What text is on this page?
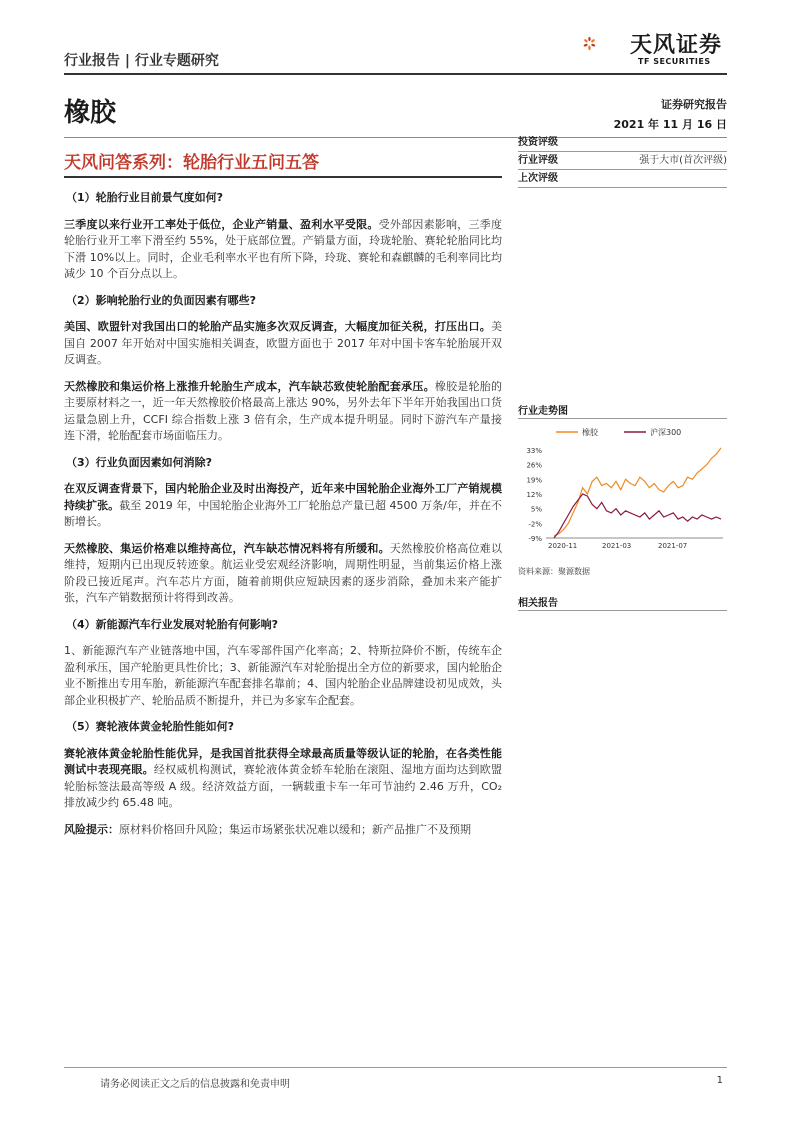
行业报告 | 行业专题研究
天风证券
TF SECURITIES
橡胶	证券研究报告
2021 年 11 月 16 日
天风问答系列：轮胎行业五问五答
（1）轮胎行业目前景气度如何?
三季度以来行业开工率处于低位，企业产销量、盈利水平受限。受外部因素影响，三季度轮胎行业开工率下滑至约 55%，处于底部位置。产销量方面，玲珑轮胎、赛轮轮胎同比均下滑 10%以上。同时，企业毛利率水平也有所下降，玲珑、赛轮和森麒麟的毛利率同比均减少 10 个百分点以上。
（2）影响轮胎行业的负面因素有哪些?
美国、欧盟针对我国出口的轮胎产品实施多次双反调查，大幅度加征关税，打压出口。美国自 2007 年开始对中国实施相关调查，欧盟方面也于 2017 年对中国卡客车轮胎展开双反调查。
天然橡胶和集运价格上涨推升轮胎生产成本，汽车缺芯致使轮胎配套承压。橡胶是轮胎的主要原材料之一，近一年天然橡胶价格最高上涨达 90%，另外去年下半年开始我国出口货运量急剧上升，CCFI 综合指数上涨 3 倍有余，生产成本提升明显。同时下游汽车产量接连下滑，轮胎配套市场面临压力。
（3）行业负面因素如何消除?
在双反调查背景下，国内轮胎企业及时出海投产，近年来中国轮胎企业海外工厂产销规模持续扩张。截至 2019 年，中国轮胎企业海外工厂轮胎总产量已超 4500 万条/年，并在不断增长。
天然橡胶、集运价格难以维持高位，汽车缺芯情况料将有所缓和。天然橡胶价格高位难以维持，短期内已出现反转迹象。航运业受宏观经济影响，周期性明显，当前集运价格上涨阶段已接近尾声。汽车芯片方面，随着前期供应短缺因素的逐步消除，叠加未来产能扩张，汽车产销数据预计将得到改善。
（4）新能源汽车行业发展对轮胎有何影响?
1、新能源汽车产业链落地中国，汽车零部件国产化率高；2、特斯拉降价不断，传统车企盈利承压，国产轮胎更具性价比；3、新能源汽车对轮胎提出全方位的新要求，国内轮胎企业不断推出专用车胎，新能源汽车配套排名靠前；4、国内轮胎企业品牌建设初见成效，头部企业积极扩产、轮胎品质不断提升，并已为多家车企配套。
（5）赛轮液体黄金轮胎性能如何?
赛轮液体黄金轮胎性能优异，是我国首批获得全球最高质量等级认证的轮胎，在各类性能测试中表现亮眼。经权威机构测试，赛轮液体黄金轿车轮胎在滚阻、湿地方面均达到欧盟轮胎标签法最高等级 A 级。经济效益方面，一辆载重卡车一年可节油约 2.46 万升，CO₂排放减少约 65.48 吨。
风险提示：原材料价格回升风险；集运市场紧张状况难以缓和；新产品推广不及预期
投资评级
行业评级	强于大市(首次评级)
上次评级
行业走势图
橡胶	沪深300
33%
26%
19%
12%
5%
-2%
-9%
2020-11	2021-03	2021-07
资料来源：聚源数据
相关报告
请务必阅读正文之后的信息披露和免责申明	1
